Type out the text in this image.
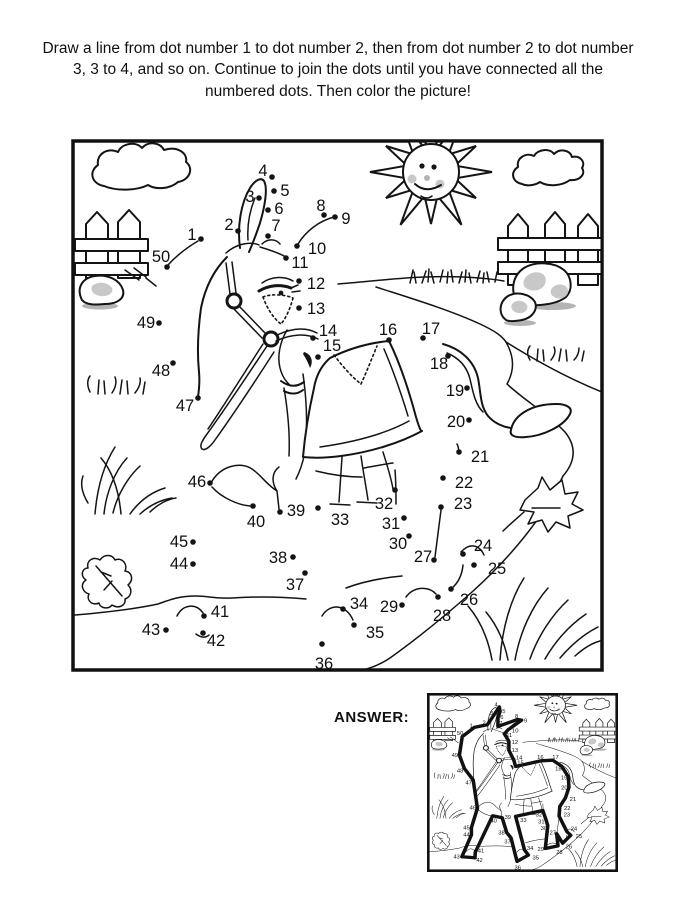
Draw a line from dot number 1 to dot number 2, then from dot number 2 to dot number 3, 3 to 4, and so on. Continue to join the dots until you have connected all the numbered dots. Then color the picture!
ANSWER:
